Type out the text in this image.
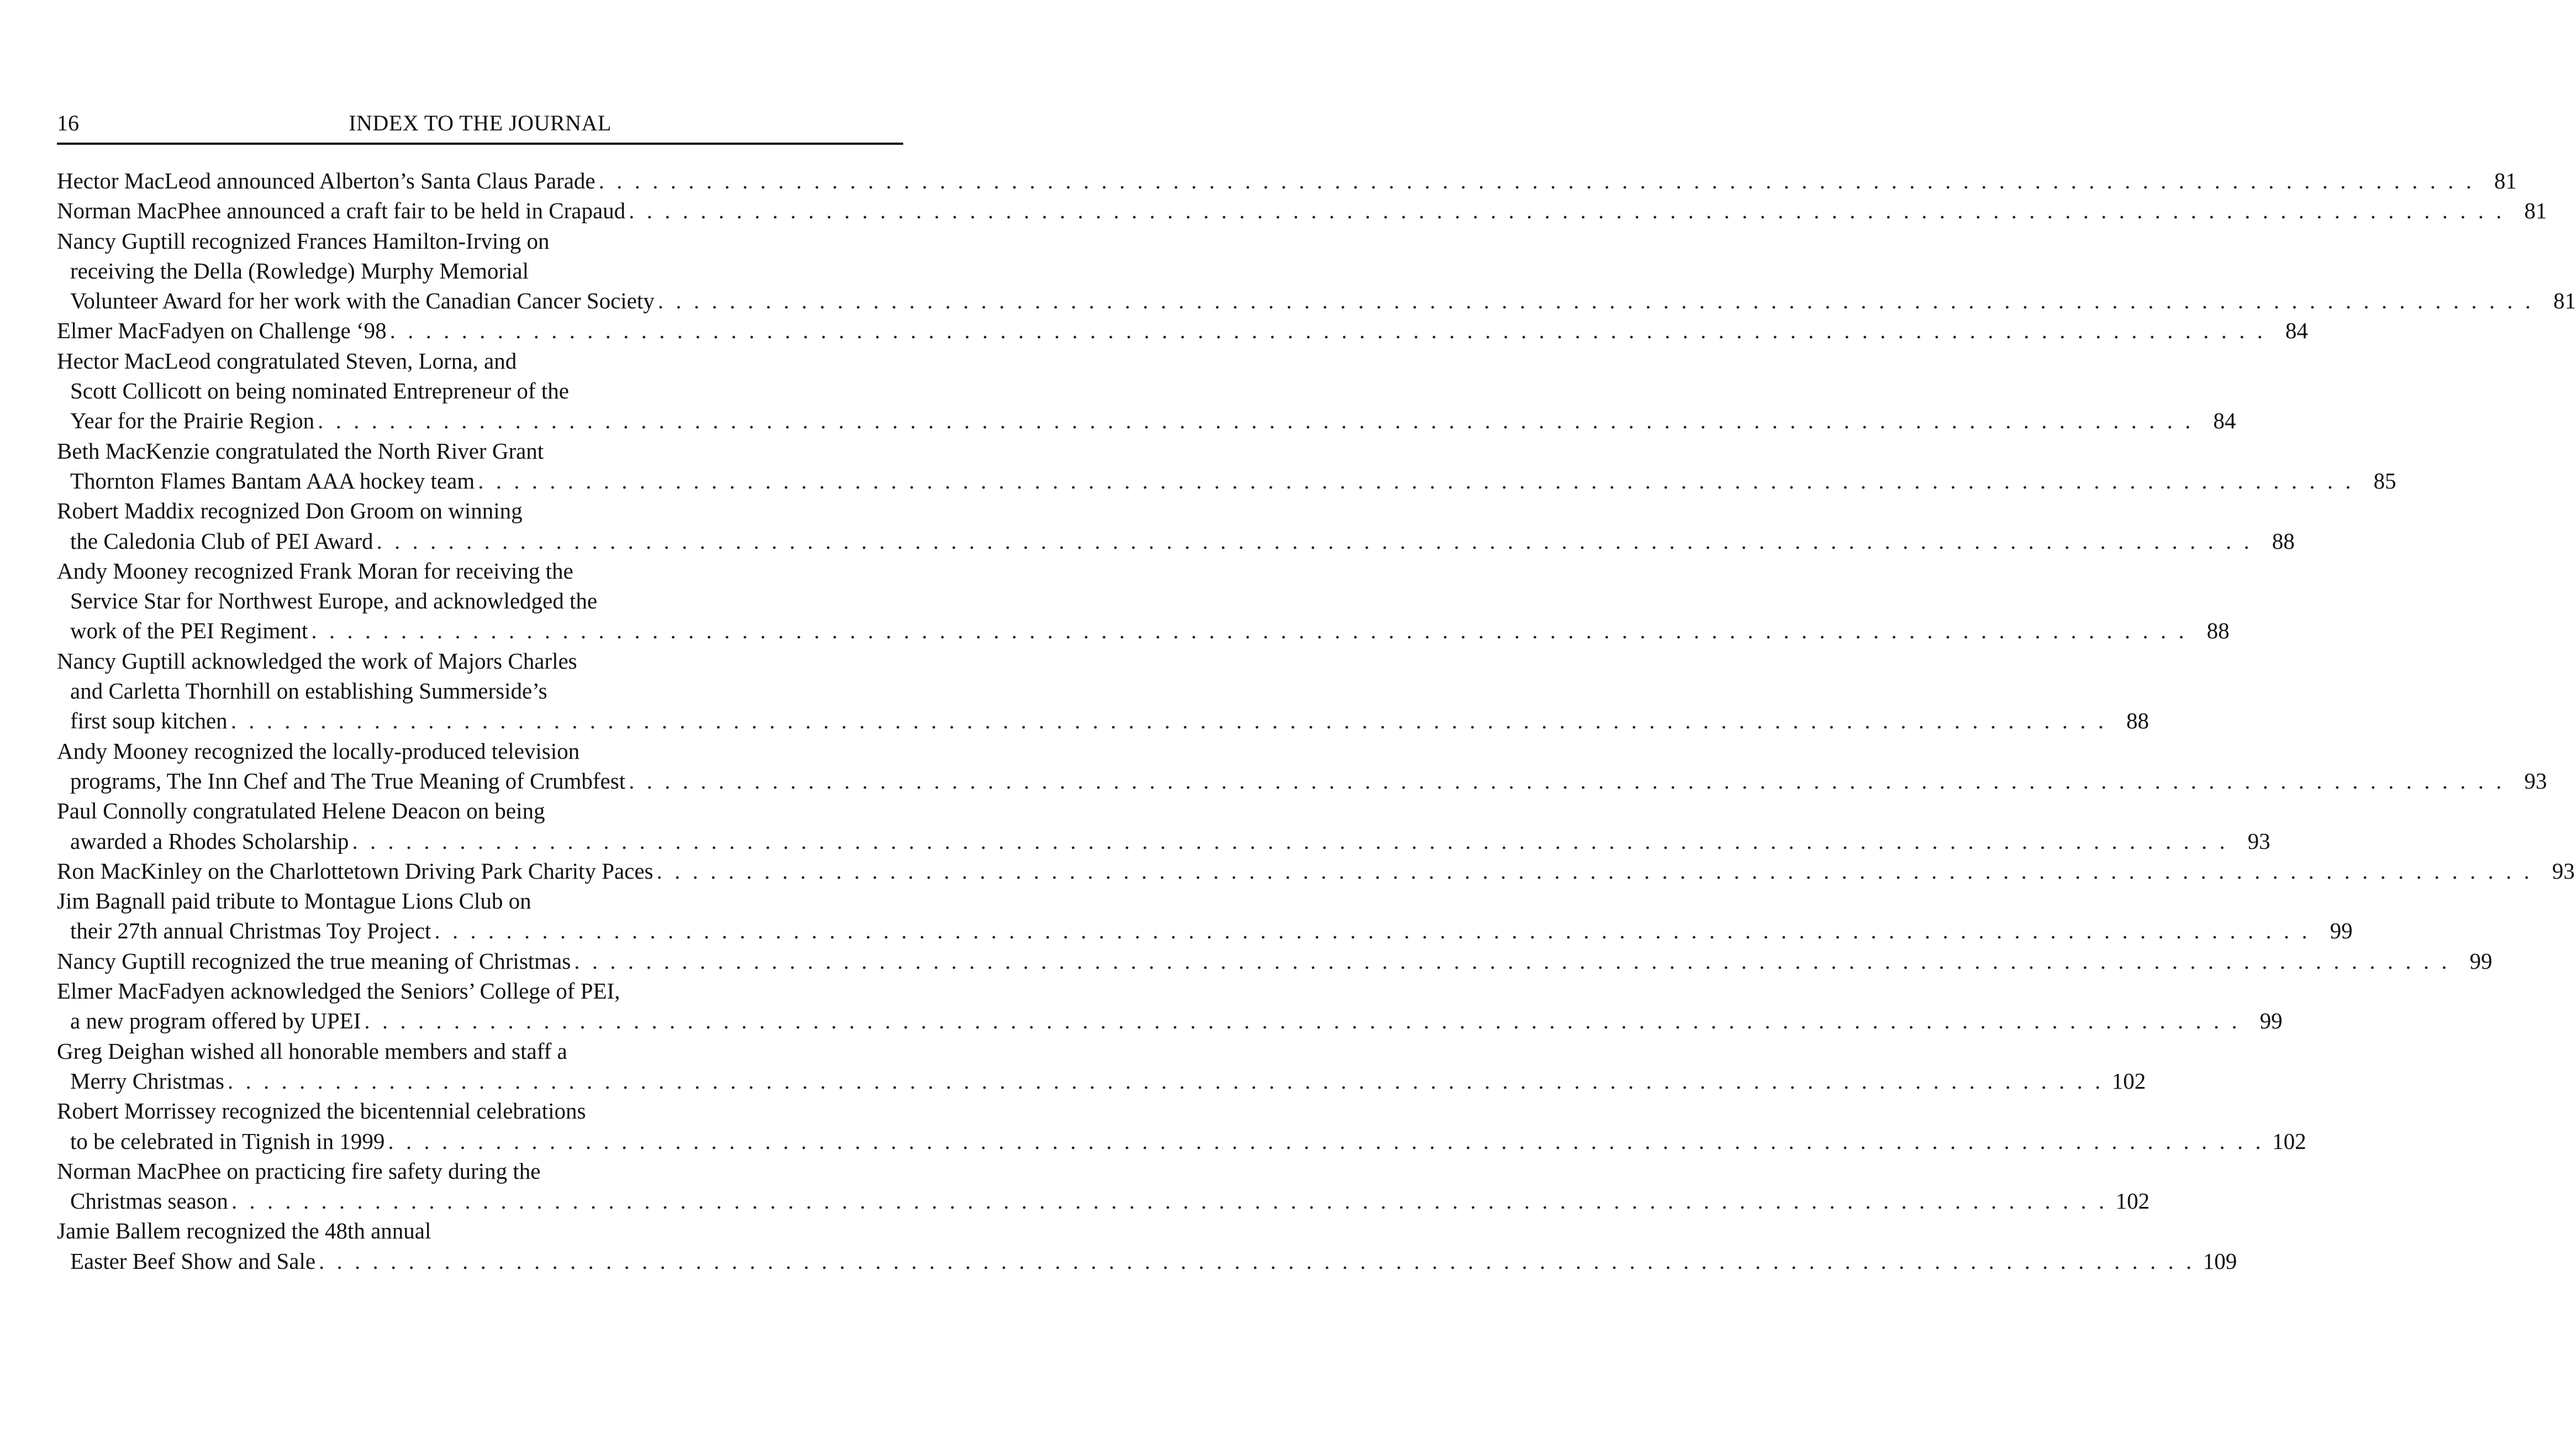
16	INDEX TO THE JOURNAL
Hector MacLeod announced Alberton’s Santa Claus Parade . . . . . . . . . . . . . . . . . . . . . . . . . . . . . . . . . . . . . . . . . . . . . . . . . . . . . . . . . . . . . . . . . . . . . . . . . . . . . . . . . . . . . . . . . . . . . . . . . . . . . . . . . 81
Norman MacPhee announced a craft fair to be held in Crapaud . . . . . . . . . . . . . . . . . . . . . . . . . . . . . . . . . . . . . . . . . . . . . . . . . . . . . . . . . . . . . . . . . . . . . . . . . . . . . . . . . . . . . . . . . . . . . . . . . . . . . . . . . 81
Nancy Guptill recognized Frances Hamilton-Irving on
receiving the Della (Rowledge) Murphy Memorial
Volunteer Award for her work with the Canadian Cancer Society . . . . . . . . . . . . . . . . . . . . . . . . . . . . . . . . . . . . . . . . . . . . . . . . . . . . . . . . . . . . . . . . . . . . . . . . . . . . . . . . . . . . . . . . . . . . . . . . . . . . . . . . . 81
Elmer MacFadyen on Challenge ‘98 . . . . . . . . . . . . . . . . . . . . . . . . . . . . . . . . . . . . . . . . . . . . . . . . . . . . . . . . . . . . . . . . . . . . . . . . . . . . . . . . . . . . . . . . . . . . . . . . . . . . . . . . . 84
Hector MacLeod congratulated Steven, Lorna, and
Scott Collicott on being nominated Entrepreneur of the
Year for the Prairie Region . . . . . . . . . . . . . . . . . . . . . . . . . . . . . . . . . . . . . . . . . . . . . . . . . . . . . . . . . . . . . . . . . . . . . . . . . . . . . . . . . . . . . . . . . . . . . . . . . . . . . . . . . 84
Beth MacKenzie congratulated the North River Grant
Thornton Flames Bantam AAA hockey team . . . . . . . . . . . . . . . . . . . . . . . . . . . . . . . . . . . . . . . . . . . . . . . . . . . . . . . . . . . . . . . . . . . . . . . . . . . . . . . . . . . . . . . . . . . . . . . . . . . . . . . . . 85
Robert Maddix recognized Don Groom on winning
the Caledonia Club of PEI Award . . . . . . . . . . . . . . . . . . . . . . . . . . . . . . . . . . . . . . . . . . . . . . . . . . . . . . . . . . . . . . . . . . . . . . . . . . . . . . . . . . . . . . . . . . . . . . . . . . . . . . . . . 88
Andy Mooney recognized Frank Moran for receiving the
Service Star for Northwest Europe, and acknowledged the
work of the PEI Regiment . . . . . . . . . . . . . . . . . . . . . . . . . . . . . . . . . . . . . . . . . . . . . . . . . . . . . . . . . . . . . . . . . . . . . . . . . . . . . . . . . . . . . . . . . . . . . . . . . . . . . . . . . 88
Nancy Guptill acknowledged the work of Majors Charles
and Carletta Thornhill on establishing Summerside’s
first soup kitchen . . . . . . . . . . . . . . . . . . . . . . . . . . . . . . . . . . . . . . . . . . . . . . . . . . . . . . . . . . . . . . . . . . . . . . . . . . . . . . . . . . . . . . . . . . . . . . . . . . . . . . . . . 88
Andy Mooney recognized the locally-produced television
programs, The Inn Chef and The True Meaning of Crumbfest . . . . . . . . . . . . . . . . . . . . . . . . . . . . . . . . . . . . . . . . . . . . . . . . . . . . . . . . . . . . . . . . . . . . . . . . . . . . . . . . . . . . . . . . . . . . . . . . . . . . . . . . . 93
Paul Connolly congratulated Helene Deacon on being
awarded a Rhodes Scholarship . . . . . . . . . . . . . . . . . . . . . . . . . . . . . . . . . . . . . . . . . . . . . . . . . . . . . . . . . . . . . . . . . . . . . . . . . . . . . . . . . . . . . . . . . . . . . . . . . . . . . . . . . 93
Ron MacKinley on the Charlottetown Driving Park Charity Paces . . . . . . . . . . . . . . . . . . . . . . . . . . . . . . . . . . . . . . . . . . . . . . . . . . . . . . . . . . . . . . . . . . . . . . . . . . . . . . . . . . . . . . . . . . . . . . . . . . . . . . . . . 93
Jim Bagnall paid tribute to Montague Lions Club on
their 27th annual Christmas Toy Project . . . . . . . . . . . . . . . . . . . . . . . . . . . . . . . . . . . . . . . . . . . . . . . . . . . . . . . . . . . . . . . . . . . . . . . . . . . . . . . . . . . . . . . . . . . . . . . . . . . . . . . . . 99
Nancy Guptill recognized the true meaning of Christmas . . . . . . . . . . . . . . . . . . . . . . . . . . . . . . . . . . . . . . . . . . . . . . . . . . . . . . . . . . . . . . . . . . . . . . . . . . . . . . . . . . . . . . . . . . . . . . . . . . . . . . . . . 99
Elmer MacFadyen acknowledged the Seniors’ College of PEI,
a new program offered by UPEI . . . . . . . . . . . . . . . . . . . . . . . . . . . . . . . . . . . . . . . . . . . . . . . . . . . . . . . . . . . . . . . . . . . . . . . . . . . . . . . . . . . . . . . . . . . . . . . . . . . . . . . . . 99
Greg Deighan wished all honorable members and staff a
Merry Christmas . . . . . . . . . . . . . . . . . . . . . . . . . . . . . . . . . . . . . . . . . . . . . . . . . . . . . . . . . . . . . . . . . . . . . . . . . . . . . . . . . . . . . . . . . . . . . . . . . . . . . . . . . 102
Robert Morrissey recognized the bicentennial celebrations
to be celebrated in Tignish in 1999 . . . . . . . . . . . . . . . . . . . . . . . . . . . . . . . . . . . . . . . . . . . . . . . . . . . . . . . . . . . . . . . . . . . . . . . . . . . . . . . . . . . . . . . . . . . . . . . . . . . . . . . . . 102
Norman MacPhee on practicing fire safety during the
Christmas season . . . . . . . . . . . . . . . . . . . . . . . . . . . . . . . . . . . . . . . . . . . . . . . . . . . . . . . . . . . . . . . . . . . . . . . . . . . . . . . . . . . . . . . . . . . . . . . . . . . . . . . . . 102
Jamie Ballem recognized the 48th annual
Easter Beef Show and Sale . . . . . . . . . . . . . . . . . . . . . . . . . . . . . . . . . . . . . . . . . . . . . . . . . . . . . . . . . . . . . . . . . . . . . . . . . . . . . . . . . . . . . . . . . . . . . . . . . . . . . . . . . 109
